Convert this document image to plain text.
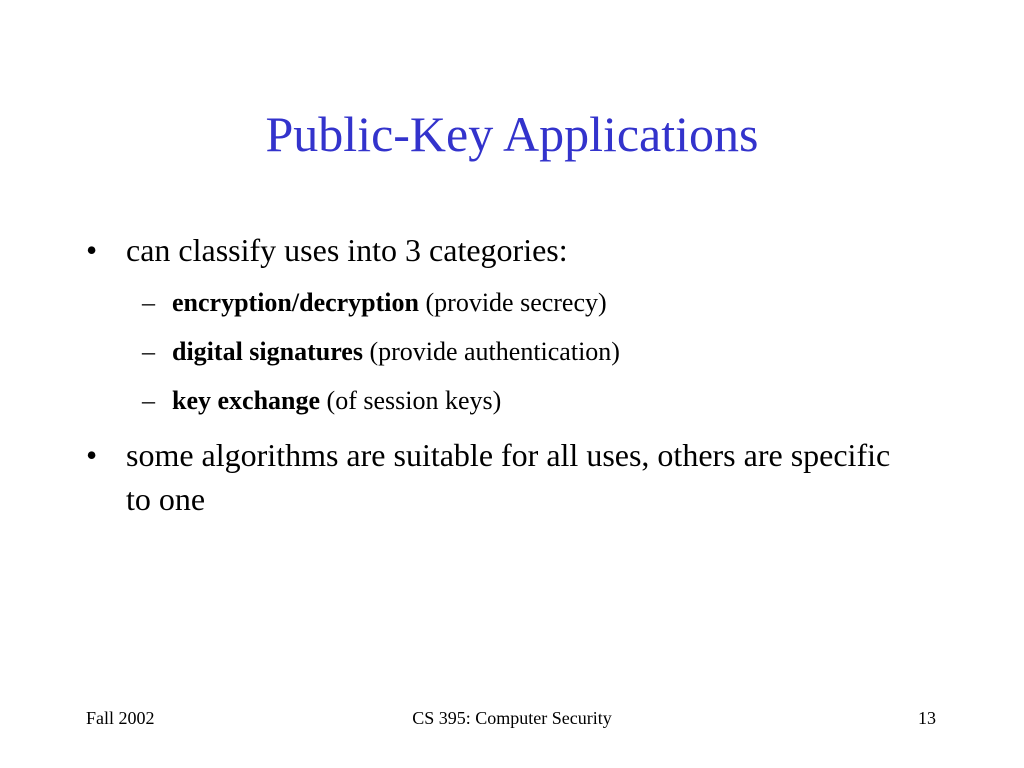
Public-Key Applications
• can classify uses into 3 categories:
– encryption/decryption (provide secrecy)
– digital signatures (provide authentication)
– key exchange (of session keys)
• some algorithms are suitable for all uses, others are specific to one
Fall 2002	CS 395: Computer Security	13
